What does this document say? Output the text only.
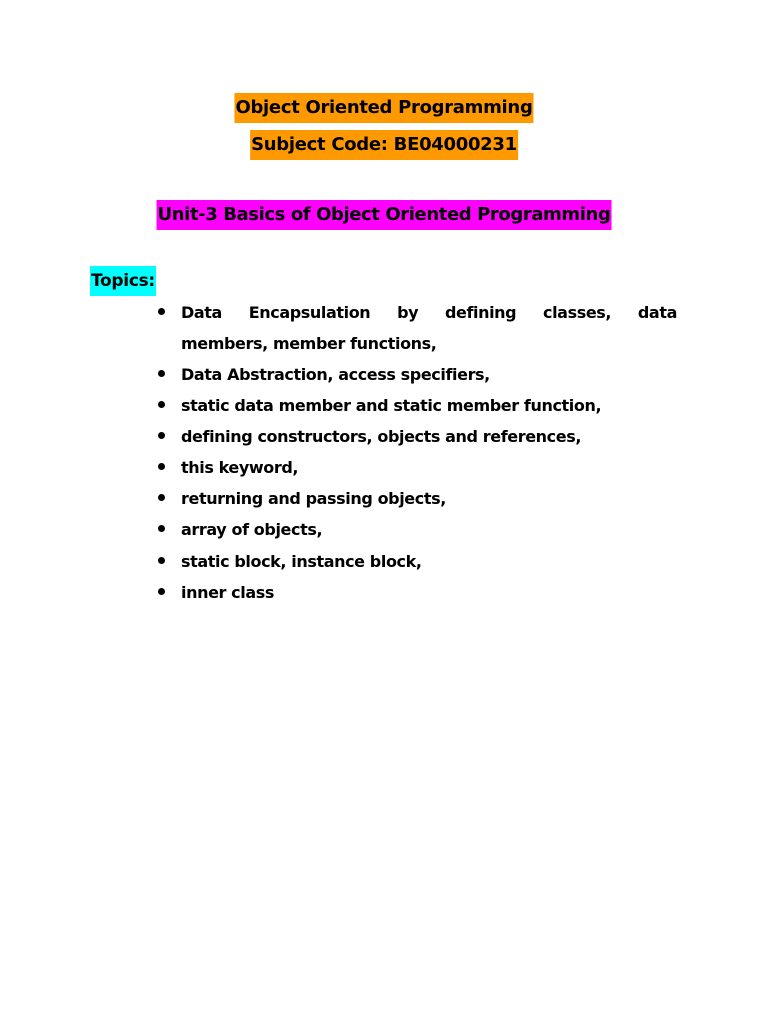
Object Oriented Programming
Subject Code: BE04000231
Unit-3 Basics of Object Oriented Programming
Topics:
Data Encapsulation by defining classes, data
members, member functions,
Data Abstraction, access specifiers,
static data member and static member function,
defining constructors, objects and references,
this keyword,
returning and passing objects,
array of objects,
static block, instance block,
inner class
